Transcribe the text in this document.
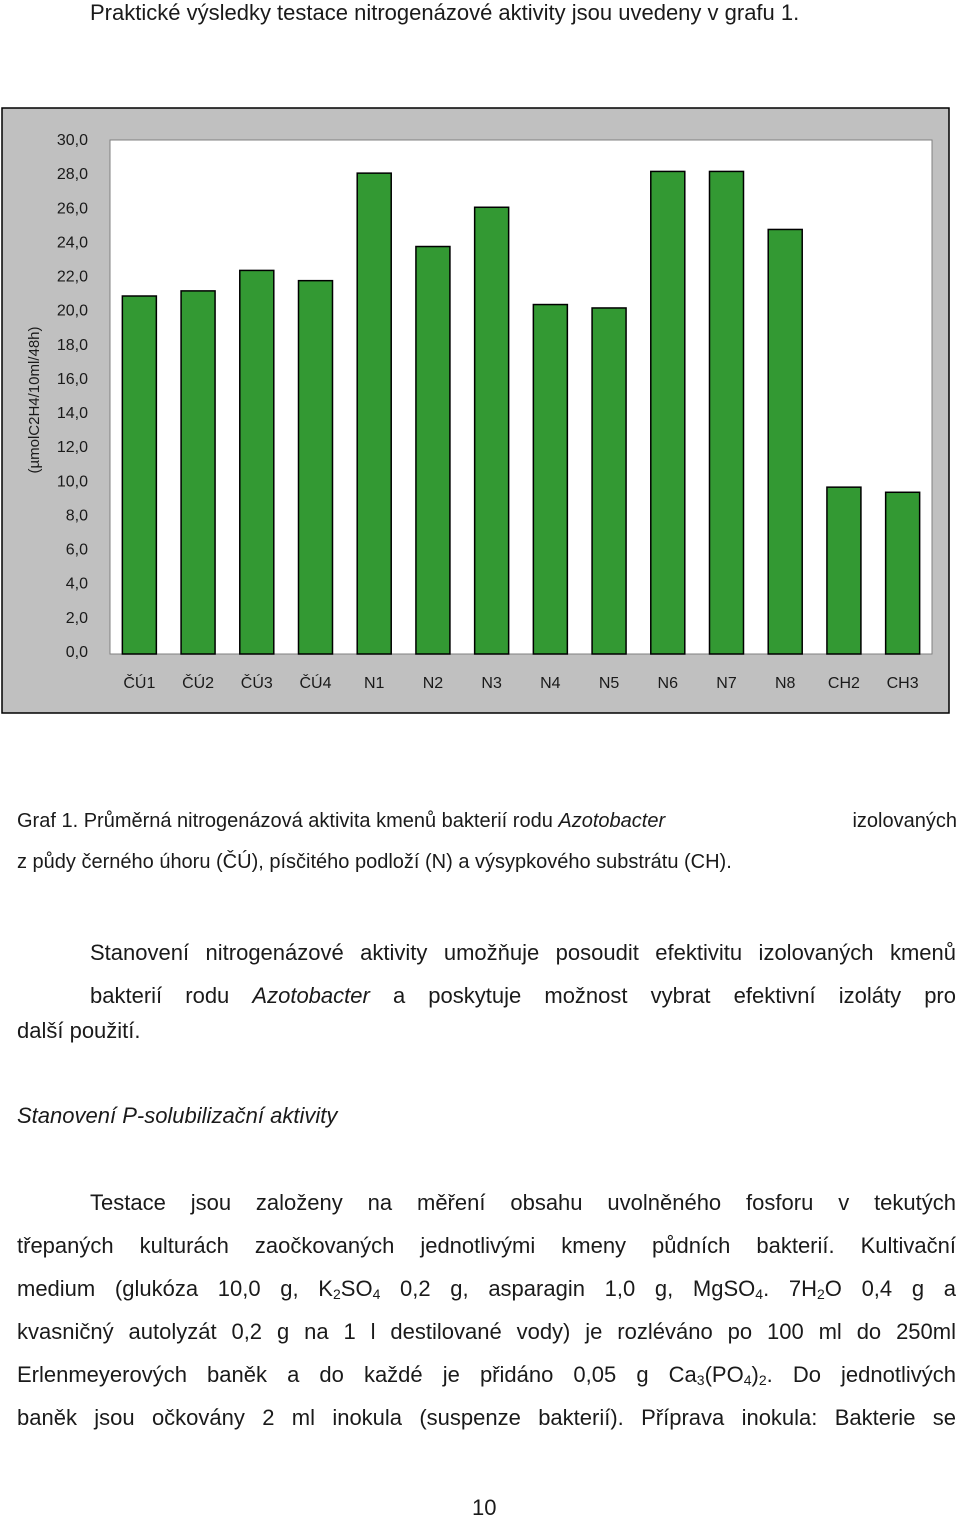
Praktické výsledky testace nitrogenázové aktivity jsou uvedeny v grafu 1.
0,0
2,0
4,0
6,0
8,0
10,0
12,0
14,0
16,0
18,0
20,0
22,0
24,0
26,0
28,0
30,0
ČÚ1 ČÚ2 ČÚ3 ČÚ4 N1 N2 N3 N4 N5 N6 N7 N8 CH2 CH3
(µmolC2H4/10ml/48h)
Graf 1. Průměrná nitrogenázová aktivita kmenů bakterií rodu Azotobacter	izolovaných
z půdy černého úhoru (ČÚ), písčitého podloží (N) a výsypkového substrátu (CH).
Stanovení nitrogenázové aktivity umožňuje posoudit efektivitu izolovaných kmenů bakterií rodu Azotobacter a poskytuje možnost vybrat efektivní izoláty pro
další použití.
Stanovení P-solubilizační aktivity
Testace jsou založeny na měření obsahu uvolněného fosforu v tekutých
třepaných kulturách zaočkovaných jednotlivými kmeny půdních bakterií. Kultivační
medium (glukóza 10,0 g, $K_2SO_4$ 0,2 g, asparagin 1,0 g, MgSO$_4$. $7H_2O$ 0,4 g a
kvasničný autolyzát 0,2 g na 1 l destilované vody) je rozléváno po 100 ml do 250ml
Erlenmeyerových baněk a do každé je přidáno 0,05 g $Ca_3(PO_4)_2$. Do jednotlivých
baněk jsou očkovány 2 ml inokula (suspenze bakterií). Příprava inokula: Bakterie se
10
